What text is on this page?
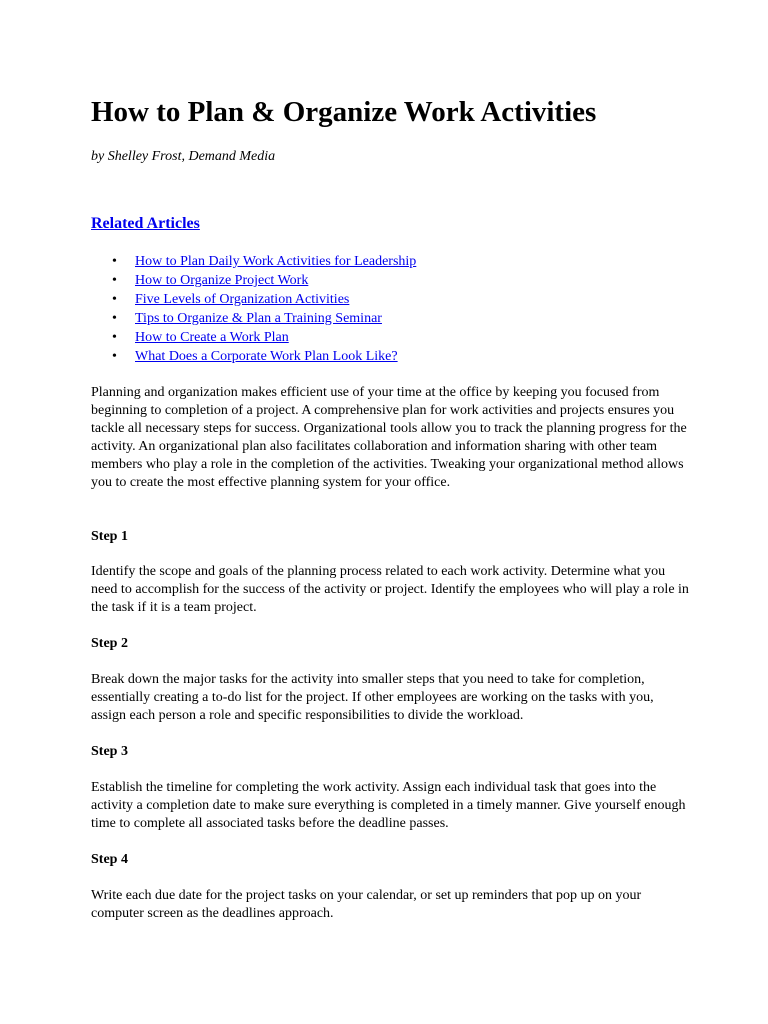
How to Plan & Organize Work Activities

by Shelley Frost, Demand Media

Related Articles

• How to Plan Daily Work Activities for Leadership
• How to Organize Project Work
• Five Levels of Organization Activities
• Tips to Organize & Plan a Training Seminar
• How to Create a Work Plan
• What Does a Corporate Work Plan Look Like?

Planning and organization makes efficient use of your time at the office by keeping you focused from beginning to completion of a project. A comprehensive plan for work activities and projects ensures you tackle all necessary steps for success. Organizational tools allow you to track the planning progress for the activity. An organizational plan also facilitates collaboration and information sharing with other team members who play a role in the completion of the activities. Tweaking your organizational method allows you to create the most effective planning system for your office.

Step 1

Identify the scope and goals of the planning process related to each work activity. Determine what you need to accomplish for the success of the activity or project. Identify the employees who will play a role in the task if it is a team project.

Step 2

Break down the major tasks for the activity into smaller steps that you need to take for completion, essentially creating a to-do list for the project. If other employees are working on the tasks with you, assign each person a role and specific responsibilities to divide the workload.

Step 3

Establish the timeline for completing the work activity. Assign each individual task that goes into the activity a completion date to make sure everything is completed in a timely manner. Give yourself enough time to complete all associated tasks before the deadline passes.

Step 4

Write each due date for the project tasks on your calendar, or set up reminders that pop up on your computer screen as the deadlines approach.
